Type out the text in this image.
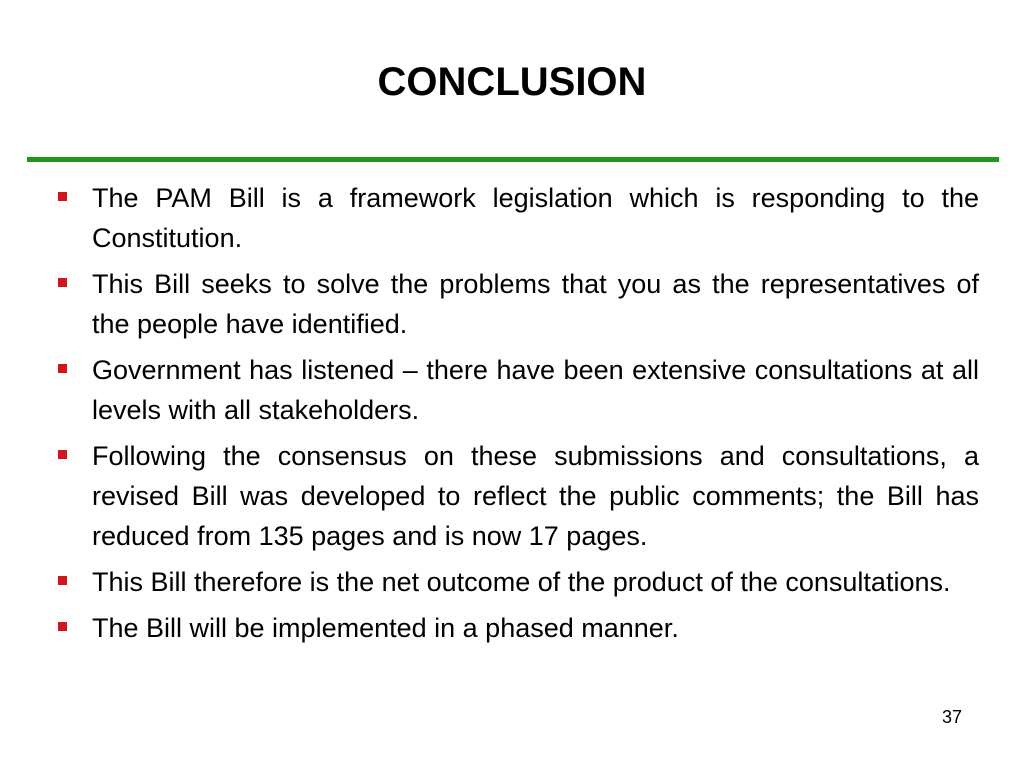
CONCLUSION
The PAM Bill is a framework legislation which is responding to the Constitution.
This Bill seeks to solve the problems that you as the representatives of the people have identified.
Government has listened – there have been extensive consultations at all levels with all stakeholders.
Following the consensus on these submissions and consultations, a revised Bill was developed to reflect the public comments; the Bill has reduced from 135 pages and is now 17 pages.
This Bill therefore is the net outcome of the product of the consultations.
The Bill will be implemented in a phased manner.
37
